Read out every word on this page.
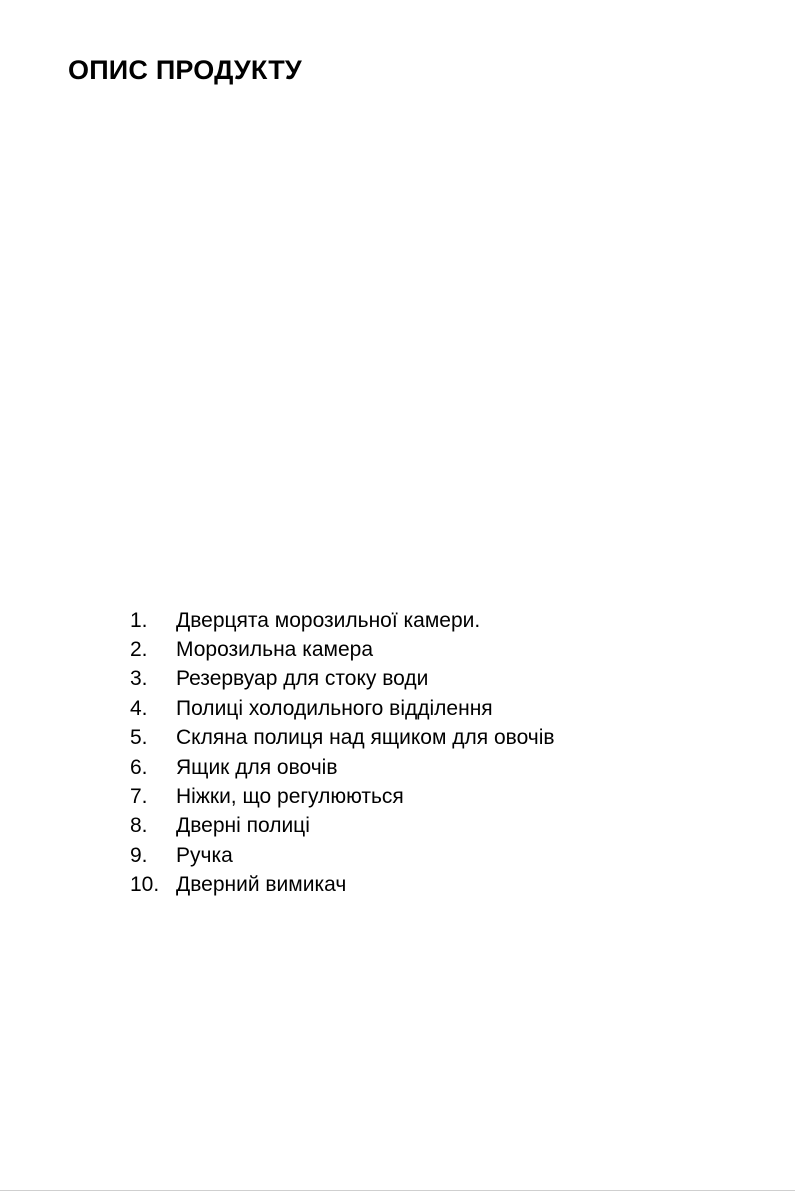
ОПИС ПРОДУКТУ
1.	Дверцята морозильної камери.
2.	Морозильна камера
3.	Резервуар для стоку води
4.	Полиці холодильного відділення
5.	Скляна полиця над ящиком для овочів
6.	Ящик для овочів
7.	Ніжки, що регулюються
8.	Дверні полиці
9.	Ручка
10. Дверний вимикач
